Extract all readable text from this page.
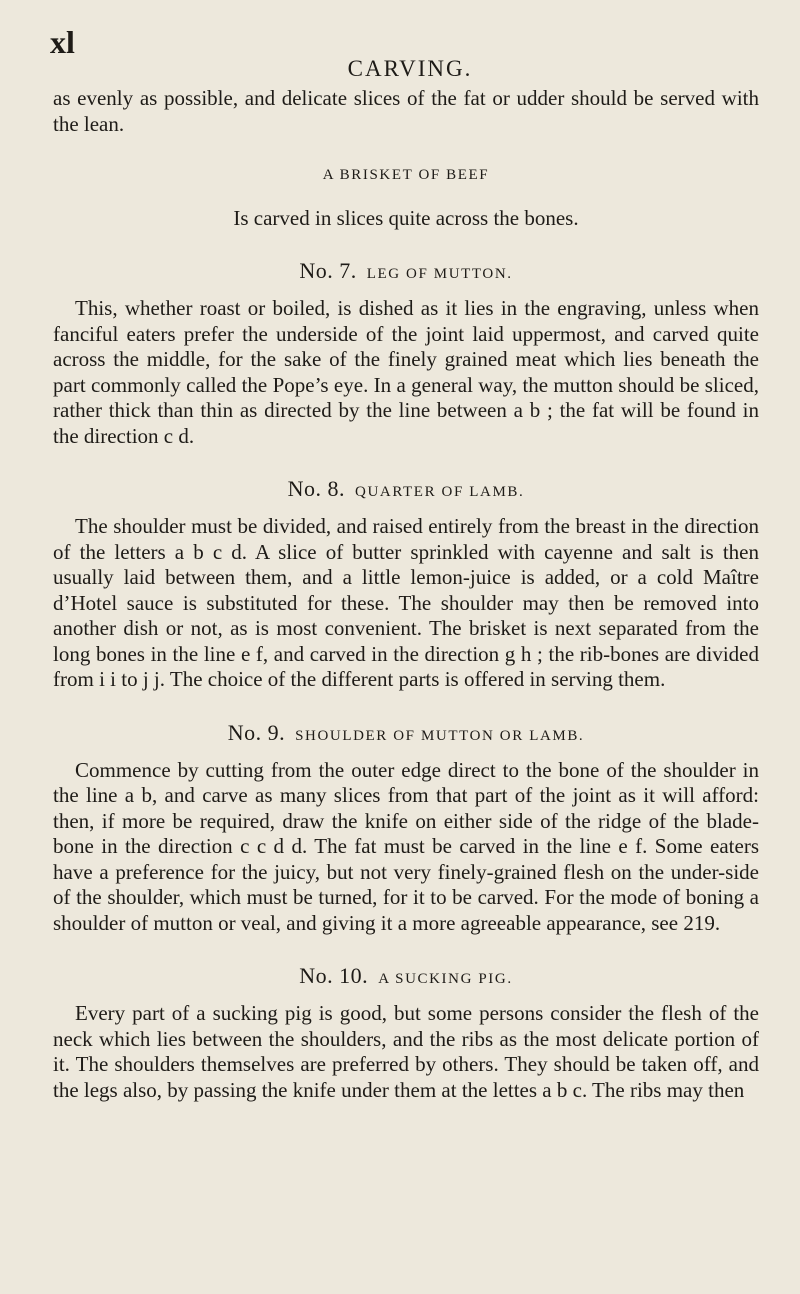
xl
CARVING.

as evenly as possible, and delicate slices of the fat or udder should be served with the lean.

A BRISKET OF BEEF
Is carved in slices quite across the bones.
No. 7. LEG OF MUTTON.

This, whether roast or boiled, is dished as it lies in the engraving, unless when fanciful eaters prefer the underside of the joint laid uppermost, and carved quite across the middle, for the sake of the finely grained meat which lies beneath the part commonly called the Pope’s eye. In a general way, the mutton should be sliced, rather thick than thin as directed by the line between a b ; the fat will be found in the direction c d.

No. 8. QUARTER OF LAMB.

The shoulder must be divided, and raised entirely from the breast in the direction of the letters a b c d. A slice of butter sprinkled with cayenne and salt is then usually laid between them, and a little lemon-juice is added, or a cold Maître d’Hotel sauce is substituted for these. The shoulder may then be removed into another dish or not, as is most convenient. The brisket is next separated from the long bones in the line e f, and carved in the direction g h ; the rib-bones are divided from i i to j j. The choice of the different parts is offered in serving them.

No. 9. SHOULDER OF MUTTON OR LAMB.

Commence by cutting from the outer edge direct to the bone of the shoulder in the line a b, and carve as many slices from that part of the joint as it will afford: then, if more be required, draw the knife on either side of the ridge of the blade-bone in the direction c c d d. The fat must be carved in the line e f. Some eaters have a preference for the juicy, but not very finely-grained flesh on the under-side of the shoulder, which must be turned, for it to be carved. For the mode of boning a shoulder of mutton or veal, and giving it a more agreeable appearance, see 219.

No. 10. A SUCKING PIG.

Every part of a sucking pig is good, but some persons consider the flesh of the neck which lies between the shoulders, and the ribs as the most delicate portion of it. The shoulders themselves are preferred by others. They should be taken off, and the legs also, by passing the knife under them at the lettes a b c. The ribs may then
